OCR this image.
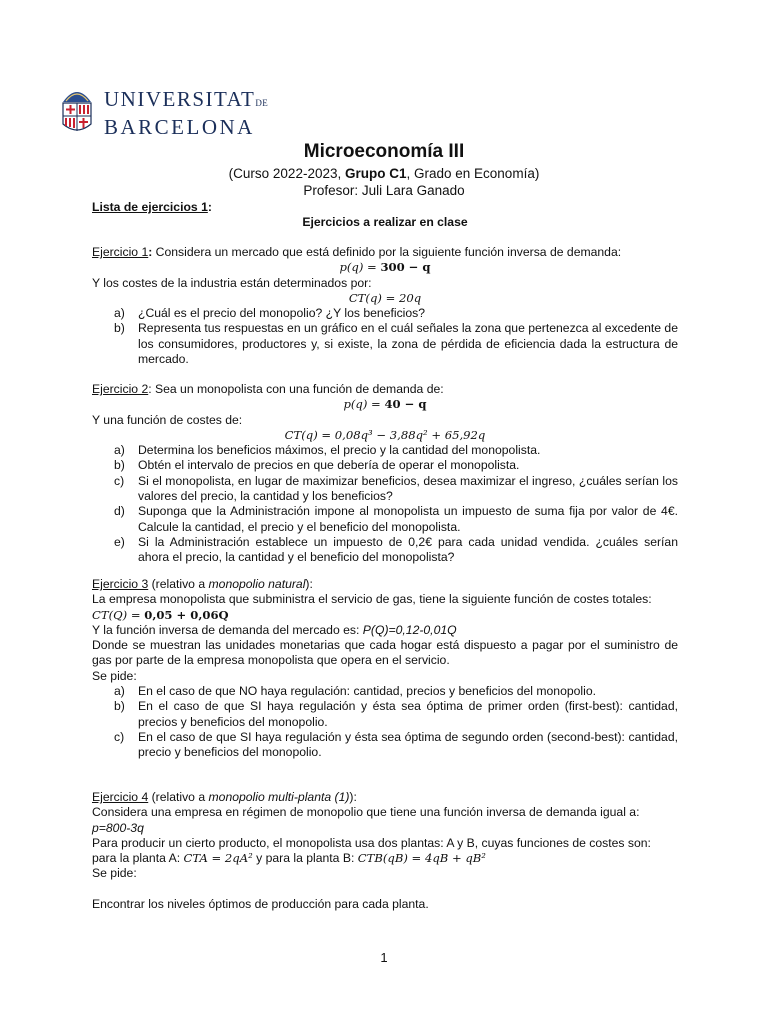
UNIVERSITATDE
BARCELONA
Microeconomía III
(Curso 2022-2023, Grupo C1, Grado en Economía)
Profesor: Juli Lara Ganado
Lista de ejercicios 1:
Ejercicios a realizar en clase
Ejercicio 1: Considera un mercado que está definido por la siguiente función inversa de demanda:
p(q) = 300 − q
Y los costes de la industria están determinados por:
CT(q) = 20q
a) ¿Cuál es el precio del monopolio? ¿Y los beneficios?
b) Representa tus respuestas en un gráfico en el cuál señales la zona que pertenezca al excedente de los consumidores, productores y, si existe, la zona de pérdida de eficiencia dada la estructura de mercado.
Ejercicio 2: Sea un monopolista con una función de demanda de:
p(q) = 40 − q
Y una función de costes de:
CT(q) = 0,08q³ − 3,88q² + 65,92q
a) Determina los beneficios máximos, el precio y la cantidad del monopolista.
b) Obtén el intervalo de precios en que debería de operar el monopolista.
c) Si el monopolista, en lugar de maximizar beneficios, desea maximizar el ingreso, ¿cuáles serían los valores del precio, la cantidad y los beneficios?
d) Suponga que la Administración impone al monopolista un impuesto de suma fija por valor de 4€. Calcule la cantidad, el precio y el beneficio del monopolista.
e) Si la Administración establece un impuesto de 0,2€ para cada unidad vendida. ¿cuáles serían ahora el precio, la cantidad y el beneficio del monopolista?
Ejercicio 3 (relativo a monopolio natural):
La empresa monopolista que subministra el servicio de gas, tiene la siguiente función de costes totales:
CT(Q) = 0,05 + 0,06Q
Y la función inversa de demanda del mercado es: P(Q)=0,12-0,01Q
Donde se muestran las unidades monetarias que cada hogar está dispuesto a pagar por el suministro de gas por parte de la empresa monopolista que opera en el servicio.
Se pide:
a) En el caso de que NO haya regulación: cantidad, precios y beneficios del monopolio.
b) En el caso de que SI haya regulación y ésta sea óptima de primer orden (first-best): cantidad, precios y beneficios del monopolio.
c) En el caso de que SI haya regulación y ésta sea óptima de segundo orden (second-best): cantidad, precio y beneficios del monopolio.
Ejercicio 4 (relativo a monopolio multi-planta (1)):
Considera una empresa en régimen de monopolio que tiene una función inversa de demanda igual a:
p=800-3q
Para producir un cierto producto, el monopolista usa dos plantas: A y B, cuyas funciones de costes son:
para la planta A: CTA = 2qA² y para la planta B: CTB(qB) = 4qB + qB²
Se pide:
Encontrar los niveles óptimos de producción para cada planta.
1
